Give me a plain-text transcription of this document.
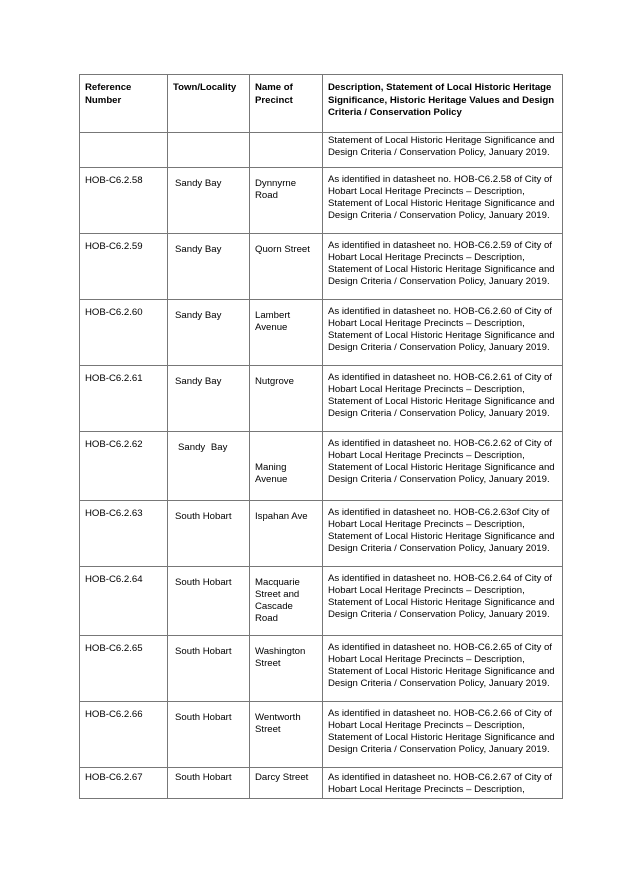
Reference Number	Town/Locality	Name of Precinct	Description, Statement of Local Historic Heritage Significance, Historic Heritage Values and Design Criteria / Conservation Policy
			Statement of Local Historic Heritage Significance and Design Criteria / Conservation Policy, January 2019.
HOB-C6.2.58	Sandy Bay	Dynnyrne Road	As identified in datasheet no. HOB-C6.2.58 of City of Hobart Local Heritage Precincts – Description, Statement of Local Historic Heritage Significance and Design Criteria / Conservation Policy, January 2019.
HOB-C6.2.59	Sandy Bay	Quorn Street	As identified in datasheet no. HOB-C6.2.59 of City of Hobart Local Heritage Precincts – Description, Statement of Local Historic Heritage Significance and Design Criteria / Conservation Policy, January 2019.
HOB-C6.2.60	Sandy Bay	Lambert Avenue	As identified in datasheet no. HOB-C6.2.60 of City of Hobart Local Heritage Precincts – Description, Statement of Local Historic Heritage Significance and Design Criteria / Conservation Policy, January 2019.
HOB-C6.2.61	Sandy Bay	Nutgrove	As identified in datasheet no. HOB-C6.2.61 of City of Hobart Local Heritage Precincts – Description, Statement of Local Historic Heritage Significance and Design Criteria / Conservation Policy, January 2019.
HOB-C6.2.62	Sandy Bay	Maning Avenue	As identified in datasheet no. HOB-C6.2.62 of City of Hobart Local Heritage Precincts – Description, Statement of Local Historic Heritage Significance and Design Criteria / Conservation Policy, January 2019.
HOB-C6.2.63	South Hobart	Ispahan Ave	As identified in datasheet no. HOB-C6.2.63of City of Hobart Local Heritage Precincts – Description, Statement of Local Historic Heritage Significance and Design Criteria / Conservation Policy, January 2019.
HOB-C6.2.64	South Hobart	Macquarie Street and Cascade Road	As identified in datasheet no. HOB-C6.2.64 of City of Hobart Local Heritage Precincts – Description, Statement of Local Historic Heritage Significance and Design Criteria / Conservation Policy, January 2019.
HOB-C6.2.65	South Hobart	Washington Street	As identified in datasheet no. HOB-C6.2.65 of City of Hobart Local Heritage Precincts – Description, Statement of Local Historic Heritage Significance and Design Criteria / Conservation Policy, January 2019.
HOB-C6.2.66	South Hobart	Wentworth Street	As identified in datasheet no. HOB-C6.2.66 of City of Hobart Local Heritage Precincts – Description, Statement of Local Historic Heritage Significance and Design Criteria / Conservation Policy, January 2019.
HOB-C6.2.67	South Hobart	Darcy Street	As identified in datasheet no. HOB-C6.2.67 of City of Hobart Local Heritage Precincts – Description,
